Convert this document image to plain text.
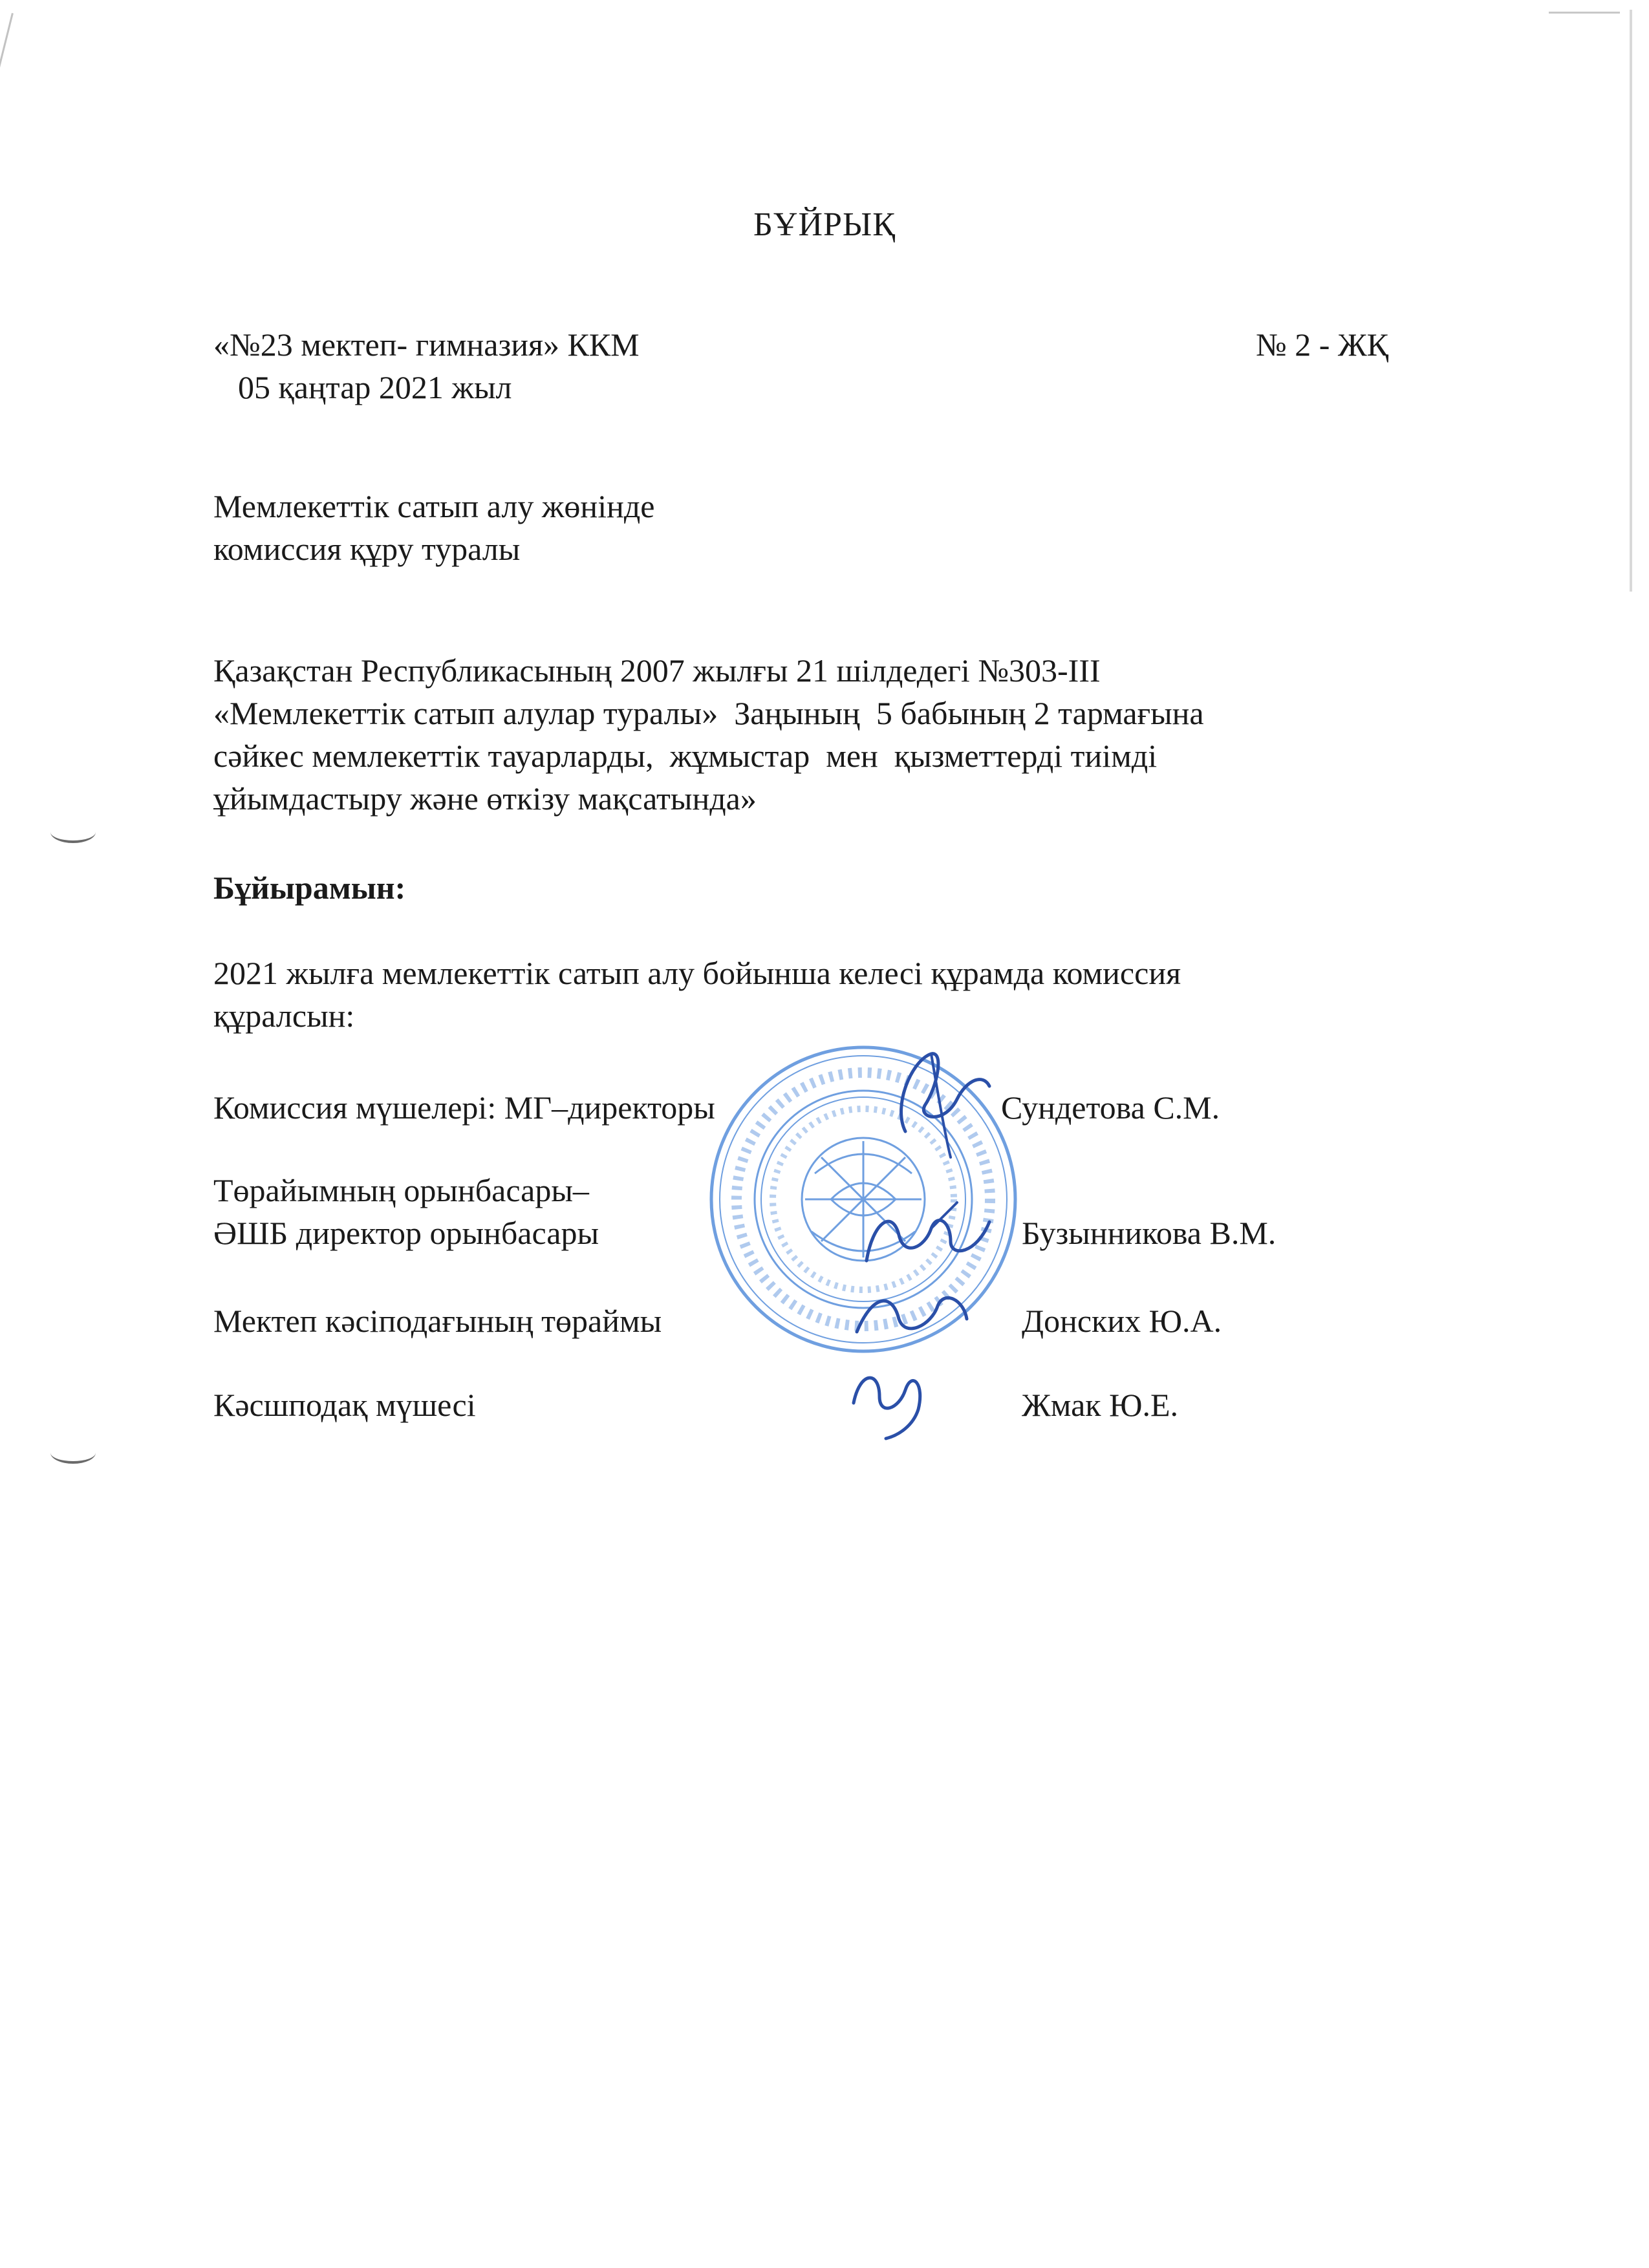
БҰЙРЫҚ
«№23 мектеп- гимназия» ККМ	№ 2 - ЖҚ
05 қаңтар 2021 жыл
Мемлекеттік сатып алу жөнінде
комиссия құру туралы
Қазақстан Республикасының 2007 жылғы 21 шілдедегі №303-III
«Мемлекеттік сатып алулар туралы»  Заңының  5 бабының 2 тармағына
сәйкес мемлекеттік тауарларды,  жұмыстар  мен  қызметтерді тиімді
ұйымдастыру және өткізу мақсатында»
Бұйырамын:
2021 жылға мемлекеттік сатып алу бойынша келесі құрамда комиссия
құралсын:
Комиссия мүшелері: МГ–директоры	Сундетова С.М.
Төрайымның орынбасары–
ӘШБ директор орынбасары	Бузынникова В.М.
Мектеп кәсіподағының төраймы	Донских Ю.А.
Кәсшподақ мүшесі	Жмак Ю.Е.
